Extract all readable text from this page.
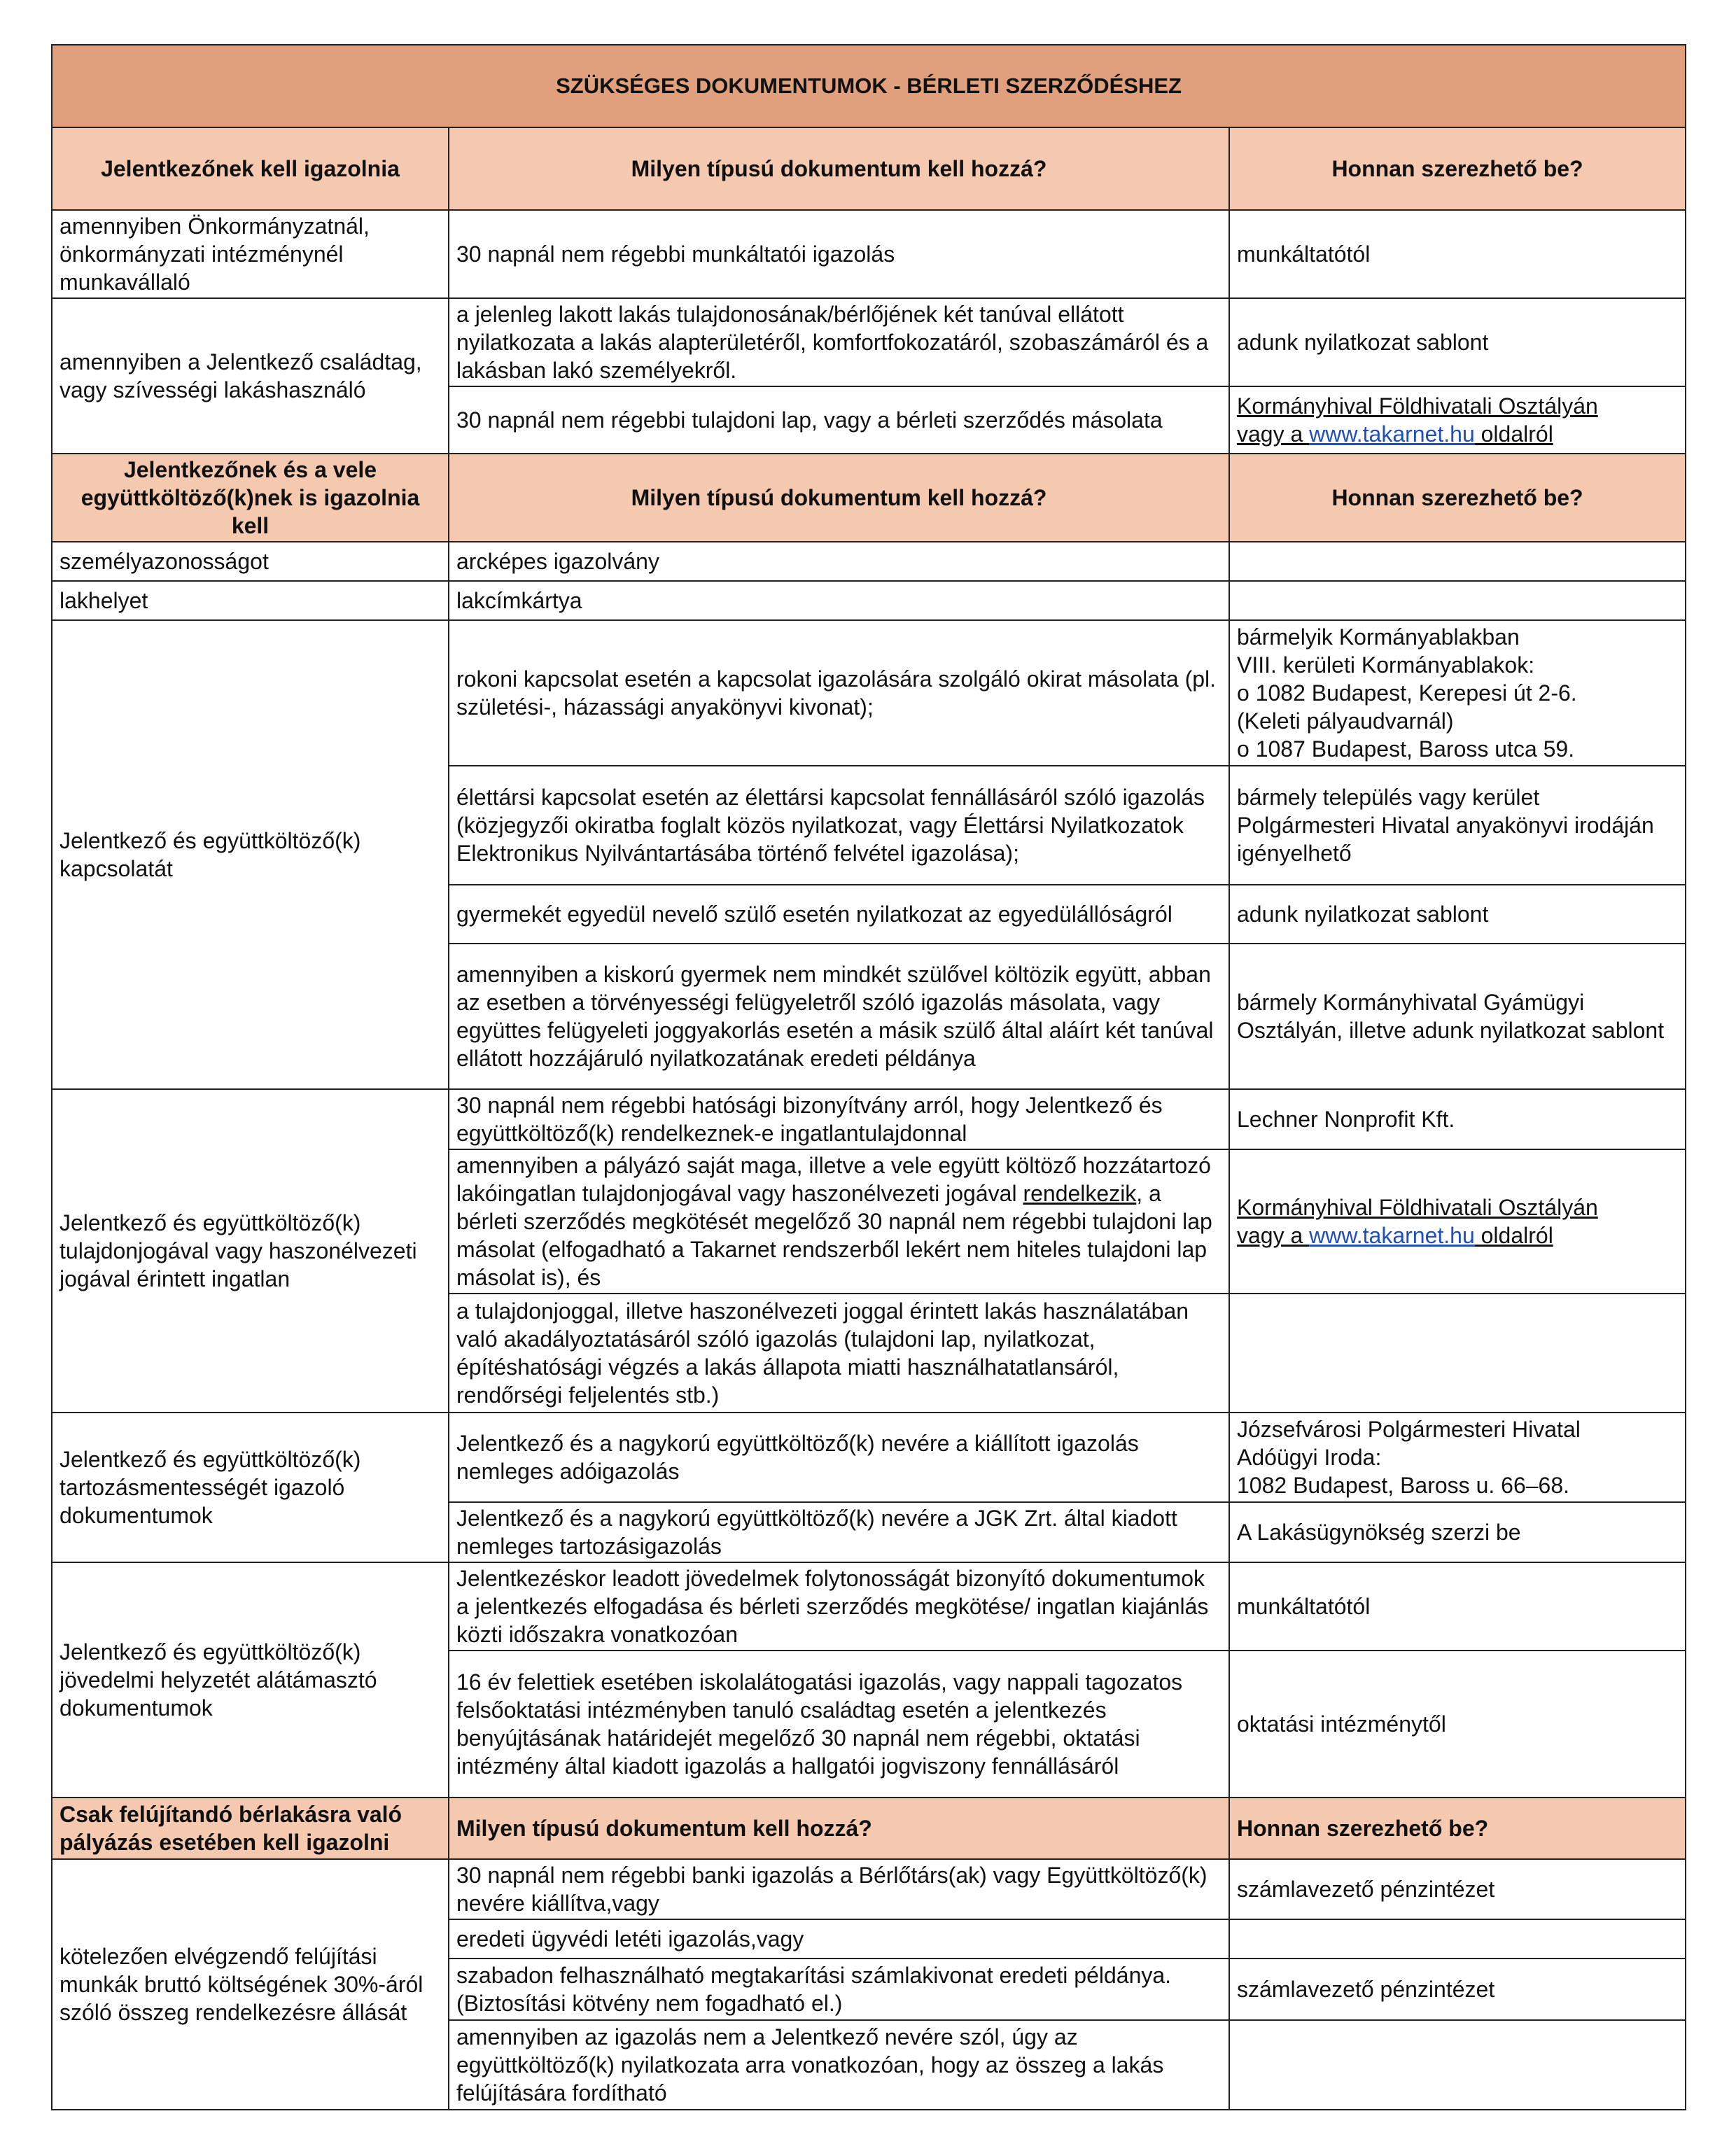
SZÜKSÉGES DOKUMENTUMOK - BÉRLETI SZERZŐDÉSHEZ		
Jelentkezőnek kell igazolnia	Milyen típusú dokumentum kell hozzá?	Honnan szerezhető be?
amennyiben Önkormányzatnál, önkormányzati intézménynél munkavállaló	30 napnál nem régebbi munkáltatói igazolás	munkáltatótól
amennyiben a Jelentkező családtag, vagy szívességi lakáshasználó	a jelenleg lakott lakás tulajdonosának/bérlőjének két tanúval ellátott nyilatkozata a lakás alapterületéről, komfortfokozatáról, szobaszámáról és a lakásban lakó személyekről.	adunk nyilatkozat sablont
	30 napnál nem régebbi tulajdoni lap, vagy a bérleti szerződés másolata	Kormányhival Földhivatali Osztályán
vagy a www.takarnet.hu oldalról
Jelentkezőnek és a vele együttköltöző(k)nek is igazolnia kell	Milyen típusú dokumentum kell hozzá?	Honnan szerezhető be?
személyazonosságot	arcképes igazolvány	
lakhelyet	lakcímkártya	
Jelentkező és együttköltöző(k) kapcsolatát	rokoni kapcsolat esetén a kapcsolat igazolására szolgáló okirat másolata (pl. születési-, házassági anyakönyvi kivonat);	bármelyik Kormányablakban
VIII. kerületi Kormányablakok:
o 1082 Budapest, Kerepesi út 2-6.
(Keleti pályaudvarnál)
o 1087 Budapest, Baross utca 59.

	élettársi kapcsolat esetén az élettársi kapcsolat fennállásáról szóló igazolás (közjegyzői okiratba foglalt közös nyilatkozat, vagy Élettársi Nyilatkozatok Elektronikus Nyilvántartásába történő felvétel igazolása);	bármely település vagy kerület Polgármesteri Hivatal anyakönyvi irodáján igényelhető
	gyermekét egyedül nevelő szülő esetén nyilatkozat az egyedülállóságról	adunk nyilatkozat sablont
	amennyiben a kiskorú gyermek nem mindkét szülővel költözik együtt, abban az esetben a törvényességi felügyeletről szóló igazolás másolata, vagy együttes felügyeleti joggyakorlás esetén a másik szülő által aláírt két tanúval ellátott hozzájáruló nyilatkozatának eredeti példánya	bármely Kormányhivatal Gyámügyi Osztályán, illetve adunk nyilatkozat sablont
Jelentkező és együttköltöző(k) tulajdonjogával vagy haszonélvezeti jogával érintett ingatlan	30 napnál nem régebbi hatósági bizonyítvány arról, hogy Jelentkező és együttköltöző(k) rendelkeznek-e ingatlantulajdonnal	Lechner Nonprofit Kft.
	amennyiben a pályázó saját maga, illetve a vele együtt költöző hozzátartozó lakóingatlan tulajdonjogával vagy haszonélvezeti jogával rendelkezik, a bérleti szerződés megkötését megelőző 30 napnál nem régebbi tulajdoni lap másolat (elfogadható a Takarnet rendszerből lekért nem hiteles tulajdoni lap másolat is), és	Kormányhival Földhivatali Osztályán
vagy a www.takarnet.hu oldalról
	a tulajdonjoggal, illetve haszonélvezeti joggal érintett lakás használatában való akadályoztatásáról szóló igazolás (tulajdoni lap, nyilatkozat, építéshatósági végzés a lakás állapota miatti használhatatlansáról, rendőrségi feljelentés stb.)	
Jelentkező és együttköltöző(k) tartozásmentességét igazoló dokumentumok	Jelentkező és a nagykorú együttköltöző(k) nevére a kiállított igazolás nemleges adóigazolás	Józsefvárosi Polgármesteri Hivatal
Adóügyi Iroda:
1082 Budapest, Baross u. 66–68.

	Jelentkező és a nagykorú együttköltöző(k) nevére a JGK Zrt. által kiadott nemleges tartozásigazolás	A Lakásügynökség szerzi be
Jelentkező és együttköltöző(k) jövedelmi helyzetét alátámasztó dokumentumok	Jelentkezéskor leadott jövedelmek folytonosságát bizonyító dokumentumok a jelentkezés elfogadása és bérleti szerződés megkötése/ ingatlan kiajánlás közti időszakra vonatkozóan	munkáltatótól
	16 év felettiek esetében iskolalátogatási igazolás, vagy nappali tagozatos felsőoktatási intézményben tanuló családtag esetén a jelentkezés benyújtásának határidejét megelőző 30 napnál nem régebbi, oktatási intézmény által kiadott igazolás a hallgatói jogviszony fennállásáról	oktatási intézménytől
Csak felújítandó bérlakásra való pályázás esetében kell igazolni	Milyen típusú dokumentum kell hozzá?	Honnan szerezhető be?
kötelezően elvégzendő felújítási munkák bruttó költségének 30%-áról szóló összeg rendelkezésre állását	30 napnál nem régebbi banki igazolás a Bérlőtárs(ak) vagy Együttköltöző(k) nevére kiállítva,vagy	számlavezető pénzintézet
	eredeti ügyvédi letéti igazolás,vagy	
	szabadon felhasználható megtakarítási számlakivonat eredeti példánya. (Biztosítási kötvény nem fogadható el.)	számlavezető pénzintézet
	amennyiben az igazolás nem a Jelentkező nevére szól, úgy az együttköltöző(k) nyilatkozata arra vonatkozóan, hogy az összeg a lakás felújítására fordítható	
